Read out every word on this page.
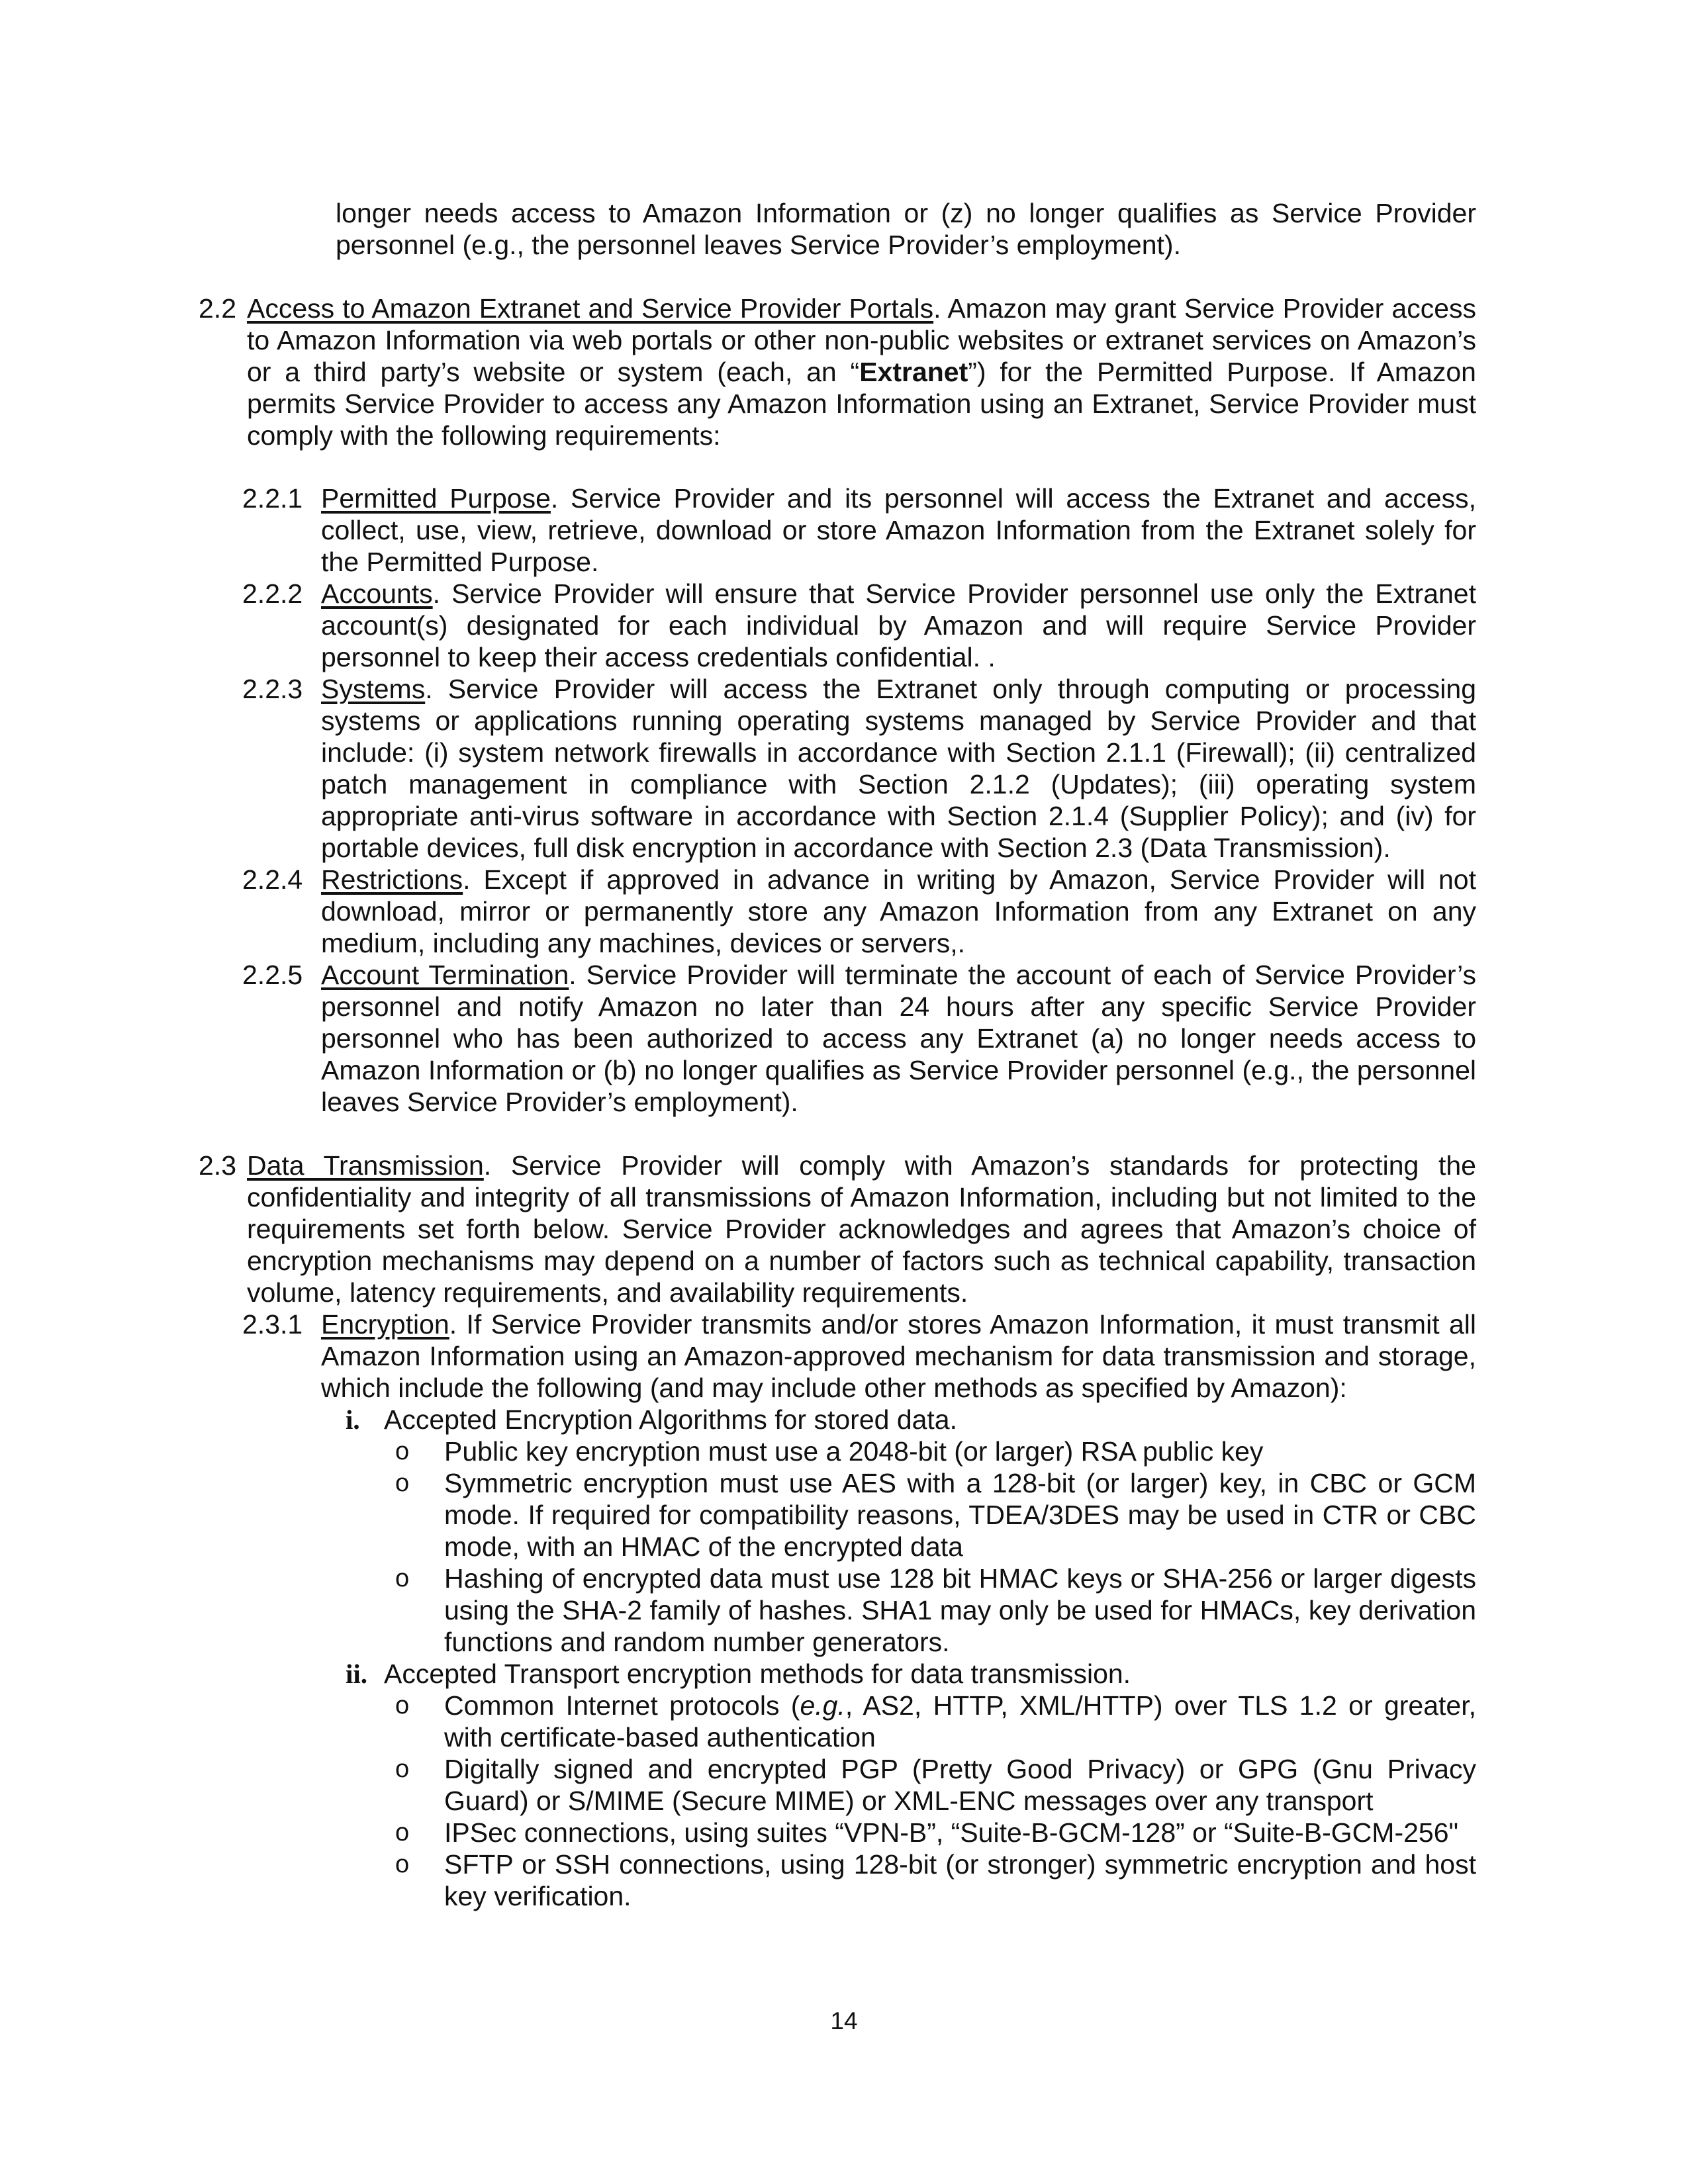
longer needs access to Amazon Information or (z) no longer qualifies as Service Provider personnel (e.g., the personnel leaves Service Provider’s employment).

2.2 Access to Amazon Extranet and Service Provider Portals. Amazon may grant Service Provider access to Amazon Information via web portals or other non-public websites or extranet services on Amazon’s or a third party’s website or system (each, an “Extranet”) for the Permitted Purpose. If Amazon permits Service Provider to access any Amazon Information using an Extranet, Service Provider must comply with the following requirements:

2.2.1 Permitted Purpose. Service Provider and its personnel will access the Extranet and access, collect, use, view, retrieve, download or store Amazon Information from the Extranet solely for the Permitted Purpose.

2.2.2 Accounts. Service Provider will ensure that Service Provider personnel use only the Extranet account(s) designated for each individual by Amazon and will require Service Provider personnel to keep their access credentials confidential. .

2.2.3 Systems. Service Provider will access the Extranet only through computing or processing systems or applications running operating systems managed by Service Provider and that include: (i) system network firewalls in accordance with Section 2.1.1 (Firewall); (ii) centralized patch management in compliance with Section 2.1.2 (Updates); (iii) operating system appropriate anti-virus software in accordance with Section 2.1.4 (Supplier Policy); and (iv) for portable devices, full disk encryption in accordance with Section 2.3 (Data Transmission).

2.2.4 Restrictions. Except if approved in advance in writing by Amazon, Service Provider will not download, mirror or permanently store any Amazon Information from any Extranet on any medium, including any machines, devices or servers,.

2.2.5 Account Termination. Service Provider will terminate the account of each of Service Provider’s personnel and notify Amazon no later than 24 hours after any specific Service Provider personnel who has been authorized to access any Extranet (a) no longer needs access to Amazon Information or (b) no longer qualifies as Service Provider personnel (e.g., the personnel leaves Service Provider’s employment).

2.3 Data Transmission. Service Provider will comply with Amazon’s standards for protecting the confidentiality and integrity of all transmissions of Amazon Information, including but not limited to the requirements set forth below. Service Provider acknowledges and agrees that Amazon’s choice of encryption mechanisms may depend on a number of factors such as technical capability, transaction volume, latency requirements, and availability requirements.

2.3.1 Encryption. If Service Provider transmits and/or stores Amazon Information, it must transmit all Amazon Information using an Amazon-approved mechanism for data transmission and storage, which include the following (and may include other methods as specified by Amazon):

i. Accepted Encryption Algorithms for stored data.

o Public key encryption must use a 2048-bit (or larger) RSA public key

o Symmetric encryption must use AES with a 128-bit (or larger) key, in CBC or GCM mode. If required for compatibility reasons, TDEA/3DES may be used in CTR or CBC mode, with an HMAC of the encrypted data

o Hashing of encrypted data must use 128 bit HMAC keys or SHA-256 or larger digests using the SHA-2 family of hashes. SHA1 may only be used for HMACs, key derivation functions and random number generators.

ii. Accepted Transport encryption methods for data transmission.

o Common Internet protocols (e.g., AS2, HTTP, XML/HTTP) over TLS 1.2 or greater, with certificate-based authentication

o Digitally signed and encrypted PGP (Pretty Good Privacy) or GPG (Gnu Privacy Guard) or S/MIME (Secure MIME) or XML-ENC messages over any transport

o IPSec connections, using suites “VPN-B”, “Suite-B-GCM-128” or “Suite-B-GCM-256"

o SFTP or SSH connections, using 128-bit (or stronger) symmetric encryption and host key verification.

14
